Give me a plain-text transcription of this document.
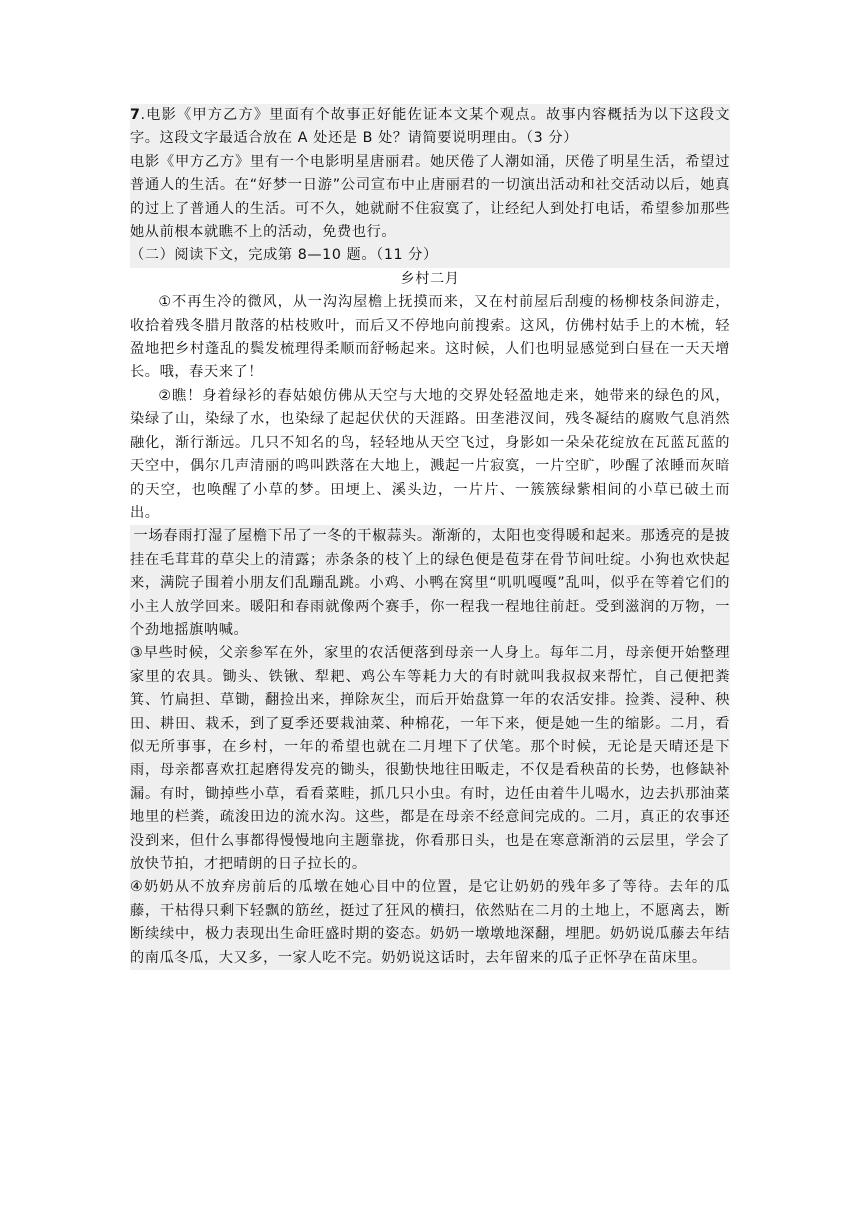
7.电影《甲方乙方》里面有个故事正好能佐证本文某个观点。故事内容概括为以下这段文字。这段文字最适合放在 A 处还是 B 处？请简要说明理由。（3 分）

电影《甲方乙方》里有一个电影明星唐丽君。她厌倦了人潮如涌，厌倦了明星生活，希望过普通人的生活。在“好梦一日游”公司宣布中止唐丽君的一切演出活动和社交活动以后，她真的过上了普通人的生活。可不久，她就耐不住寂寞了，让经纪人到处打电话，希望参加那些她从前根本就瞧不上的活动，免费也行。

（二）阅读下文，完成第 8—10 题。（11 分）

乡村二月

①不再生冷的微风，从一沟沟屋檐上抚摸而来，又在村前屋后刮瘦的杨柳枝条间游走，收拾着残冬腊月散落的枯枝败叶，而后又不停地向前搜索。这风，仿佛村姑手上的木梳，轻盈地把乡村蓬乱的鬓发梳理得柔顺而舒畅起来。这时候，人们也明显感觉到白昼在一天天增长。哦，春天来了！

②瞧！身着绿衫的春姑娘仿佛从天空与大地的交界处轻盈地走来，她带来的绿色的风，染绿了山，染绿了水，也染绿了起起伏伏的天涯路。田垄港汊间，残冬凝结的腐败气息消然融化，渐行渐远。几只不知名的鸟，轻轻地从天空飞过，身影如一朵朵花绽放在瓦蓝瓦蓝的天空中，偶尔几声清丽的鸣叫跌落在大地上，溅起一片寂寞，一片空旷，吵醒了浓睡而灰暗的天空，也唤醒了小草的梦。田埂上、溪头边，一片片、一簇簇绿紫相间的小草已破土而出。

一场春雨打湿了屋檐下吊了一冬的干椒蒜头。渐渐的，太阳也变得暖和起来。那透亮的是披挂在毛茸茸的草尖上的清露；赤条条的枝丫上的绿色便是苞芽在骨节间吐绽。小狗也欢快起来，满院子围着小朋友们乱蹦乱跳。小鸡、小鸭在窝里“叽叽嘎嘎”乱叫，似乎在等着它们的小主人放学回来。暖阳和春雨就像两个赛手，你一程我一程地往前赶。受到滋润的万物，一个劲地摇旗呐喊。

③早些时候，父亲参军在外，家里的农活便落到母亲一人身上。每年二月，母亲便开始整理家里的农具。锄头、铁锹、犁耙、鸡公车等耗力大的有时就叫我叔叔来帮忙，自己便把粪箕、竹扁担、草锄，翻捡出来，掸除灰尘，而后开始盘算一年的农活安排。捡粪、浸种、秧田、耕田、栽禾，到了夏季还要栽油菜、种棉花，一年下来，便是她一生的缩影。二月，看似无所事事，在乡村，一年的希望也就在二月埋下了伏笔。那个时候，无论是天晴还是下雨，母亲都喜欢扛起磨得发亮的锄头，很勤快地往田畈走，不仅是看秧苗的长势，也修缺补漏。有时，锄掉些小草，看看菜畦，抓几只小虫。有时，边任由着牛儿喝水，边去扒那油菜地里的栏粪，疏浚田边的流水沟。这些，都是在母亲不经意间完成的。二月，真正的农事还没到来，但什么事都得慢慢地向主题靠拢，你看那日头，也是在寒意渐消的云层里，学会了放快节拍，才把晴朗的日子拉长的。

④奶奶从不放弃房前后的瓜墩在她心目中的位置，是它让奶奶的残年多了等待。去年的瓜藤，干枯得只剩下轻飘的筋丝，挺过了狂风的横扫，依然贴在二月的土地上，不愿离去，断断续续中，极力表现出生命旺盛时期的姿态。奶奶一墩墩地深翻，埋肥。奶奶说瓜藤去年结的南瓜冬瓜，大又多，一家人吃不完。奶奶说这话时，去年留来的瓜子正怀孕在苗床里。
